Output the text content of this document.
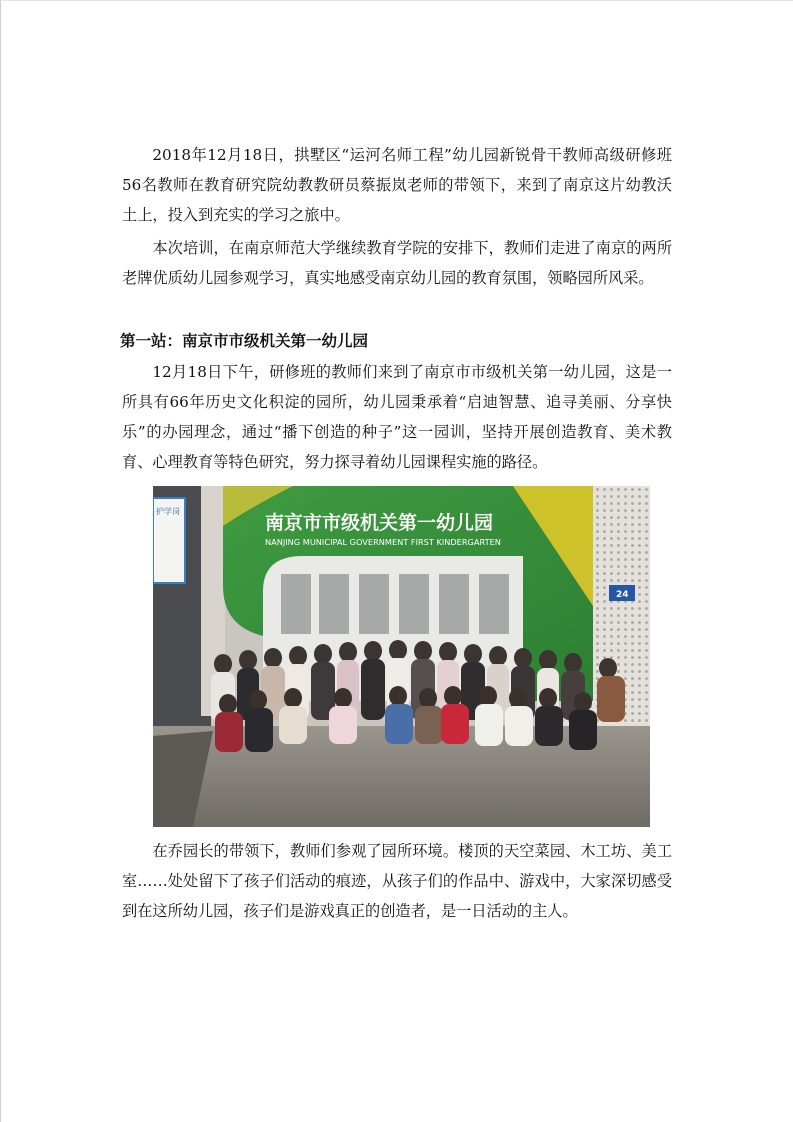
2018年12月18日，拱墅区“运河名师工程”幼儿园新锐骨干教师高级研修班56名教师在教育研究院幼教教研员蔡振岚老师的带领下，来到了南京这片幼教沃土上，投入到充实的学习之旅中。

本次培训，在南京师范大学继续教育学院的安排下，教师们走进了南京的两所老牌优质幼儿园参观学习，真实地感受南京幼儿园的教育氛围，领略园所风采。

第一站：南京市市级机关第一幼儿园

12月18日下午，研修班的教师们来到了南京市市级机关第一幼儿园，这是一所具有66年历史文化积淀的园所，幼儿园秉承着“启迪智慧、追寻美丽、分享快乐”的办园理念，通过“播下创造的种子”这一园训，坚持开展创造教育、美术教育、心理教育等特色研究，努力探寻着幼儿园课程实施的路径。

南京市市级机关第一幼儿园
NANJING MUNICIPAL GOVERNMENT FIRST KINDERGARTEN
护学岗
24

在乔园长的带领下，教师们参观了园所环境。楼顶的天空菜园、木工坊、美工室……处处留下了孩子们活动的痕迹，从孩子们的作品中、游戏中，大家深切感受到在这所幼儿园，孩子们是游戏真正的创造者，是一日活动的主人。
